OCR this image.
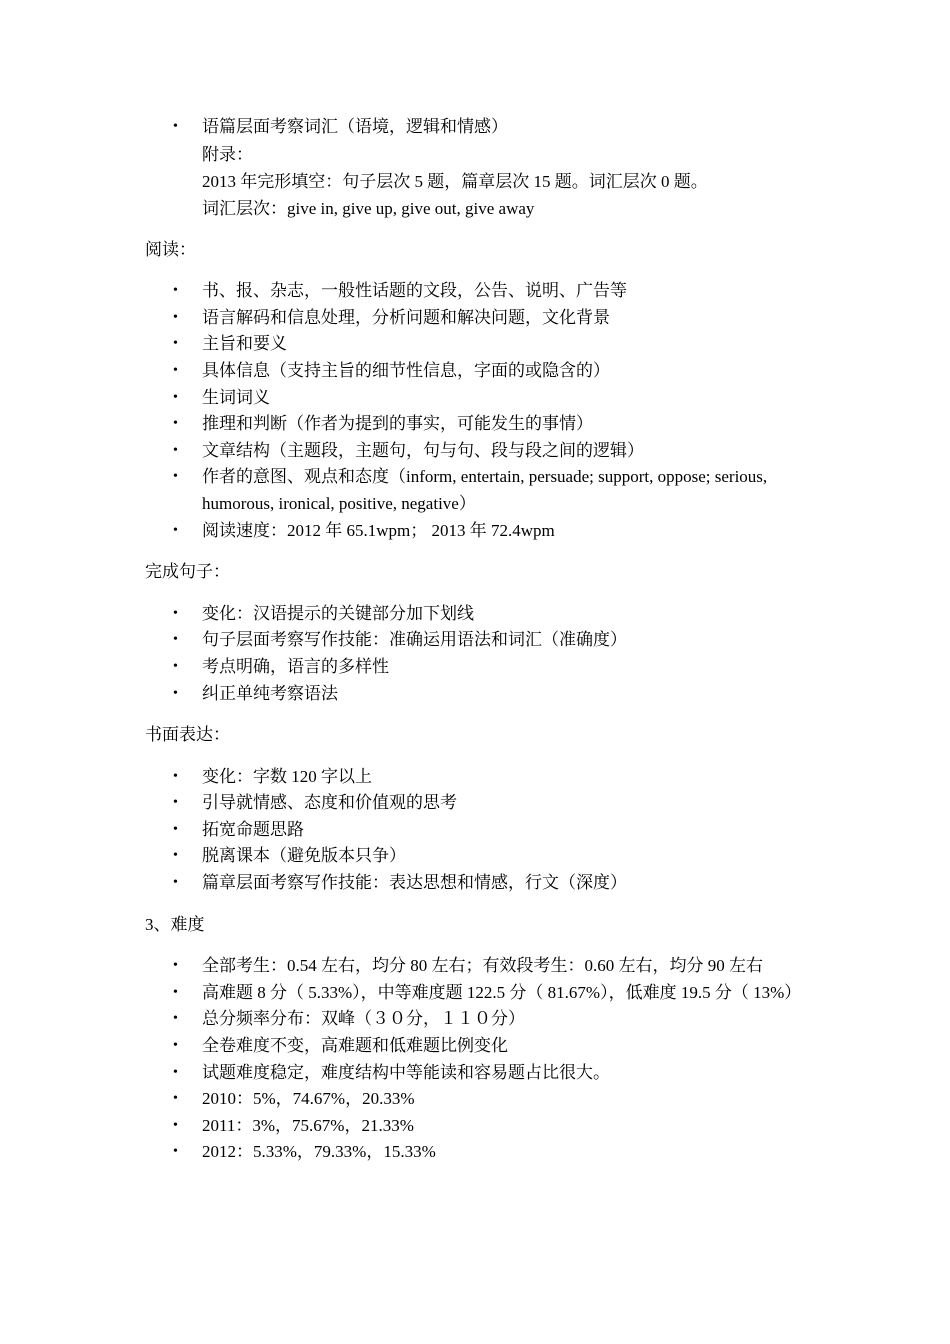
• 语篇层面考察词汇（语境，逻辑和情感）
附录：
2013 年完形填空：句子层次 5 题，篇章层次 15 题。词汇层次 0 题。
词汇层次：give in, give up, give out, give away
阅读：
• 书、报、杂志，一般性话题的文段，公告、说明、广告等
• 语言解码和信息处理，分析问题和解决问题，文化背景
• 主旨和要义
• 具体信息（支持主旨的细节性信息，字面的或隐含的）
• 生词词义
• 推理和判断（作者为提到的事实，可能发生的事情）
• 文章结构（主题段，主题句，句与句、段与段之间的逻辑）
• 作者的意图、观点和态度（inform, entertain, persuade; support, oppose; serious, humorous, ironical, positive, negative）
• 阅读速度：2012 年 65.1wpm； 2013 年 72.4wpm
完成句子：
• 变化：汉语提示的关键部分加下划线
• 句子层面考察写作技能：准确运用语法和词汇（准确度）
• 考点明确，语言的多样性
• 纠正单纯考察语法
书面表达：
• 变化：字数 120 字以上
• 引导就情感、态度和价值观的思考
• 拓宽命题思路
• 脱离课本（避免版本只争）
• 篇章层面考察写作技能：表达思想和情感，行文（深度）
3、难度
• 全部考生：0.54 左右，均分 80 左右；有效段考生：0.60 左右，均分 90 左右
• 高难题 8 分（ 5.33%），中等难度题 122.5 分（ 81.67%），低难度 19.5 分（ 13%）
• 总分频率分布：双峰（３０分，１１０分）
• 全卷难度不变，高难题和低难题比例变化
• 试题难度稳定，难度结构中等能读和容易题占比很大。
• 2010：5%，74.67%，20.33%
• 2011：3%，75.67%，21.33%
• 2012：5.33%，79.33%，15.33%
